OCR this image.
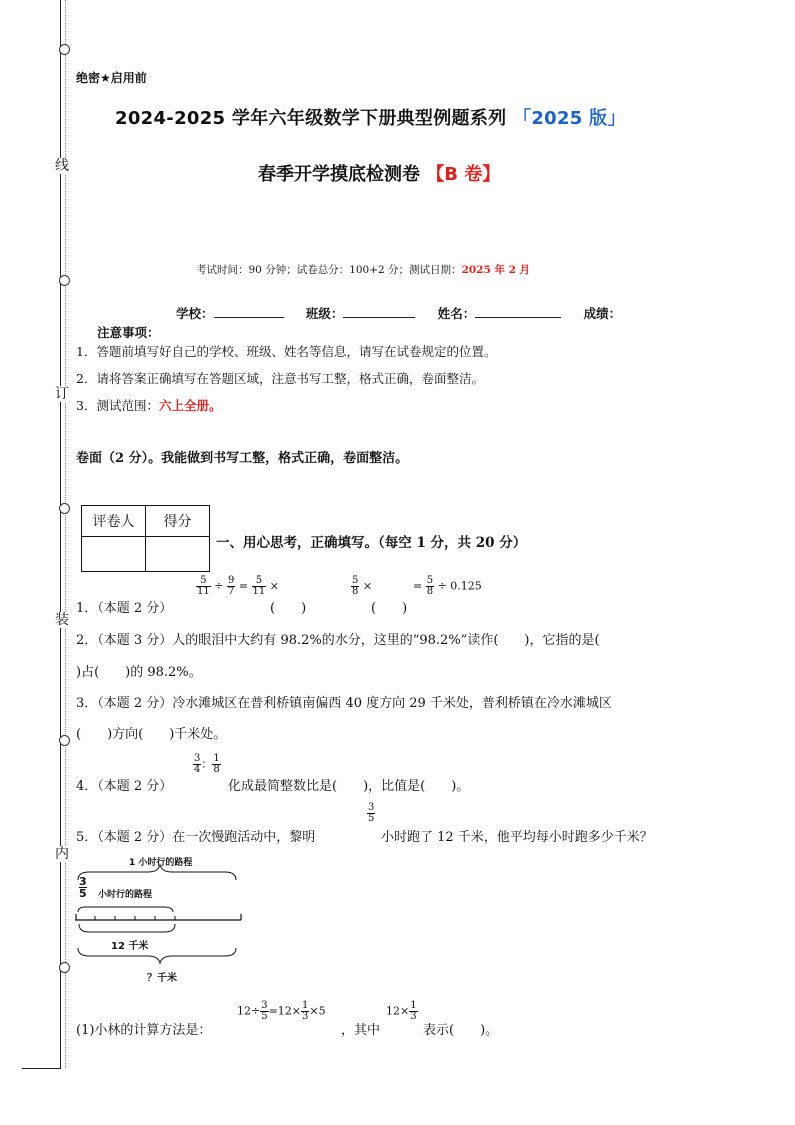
线
订
装
内
绝密★启用前
2024-2025 学年六年级数学下册典型例题系列 「2025 版」
春季开学摸底检测卷 【B 卷】
考试时间：90 分钟；试卷总分：100+2 分；测试日期：2025 年 2 月
学校：	班级：	姓名：	成绩：
注意事项：
1．答题前填写好自己的学校、班级、姓名等信息，请写在试卷规定的位置。
2．请将答案正确填写在答题区域，注意书写工整，格式正确，卷面整洁。
3．测试范围：六上全册。
卷面（2 分）。我能做到书写工整，格式正确，卷面整洁。
评卷人	得分

一、用心思考，正确填写。（每空 1 分，共 20 分）
1．（本题 2 分）
$\frac{5}{11} \div \frac{9}{7} = \frac{5}{11}$ ×
(　　)
$\frac{5}{8}$ ×
(　　)
= $\frac{5}{8} \div 0.125$
2．（本题 3 分）人的眼泪中大约有 98.2%的水分，这里的“98.2%”读作(　　)，它指的是(
)占(　　)的 98.2%。
3．（本题 2 分）冷水滩城区在普利桥镇南偏西 40 度方向 29 千米处，普利桥镇在冷水滩城区
(　　)方向(　　)千米处。
4．（本题 2 分）
$\frac{3}{4}$ ： $\frac{1}{8}$
化成最简整数比是(　　)，比值是(　　)。
5．（本题 2 分）在一次慢跑活动中，黎明
$\frac{3}{5}$
小时跑了 12 千米，他平均每小时跑多少千米？
1 小时行的路程
小时行的路程
$\frac{3}{5}$
12 千米
？千米
(1)小林的计算方法是：
$12\div \frac{3}{5} =12\times \frac{1}{3} \times 5$
，其中
$12\times \frac{1}{3}$
表示(　　)。
